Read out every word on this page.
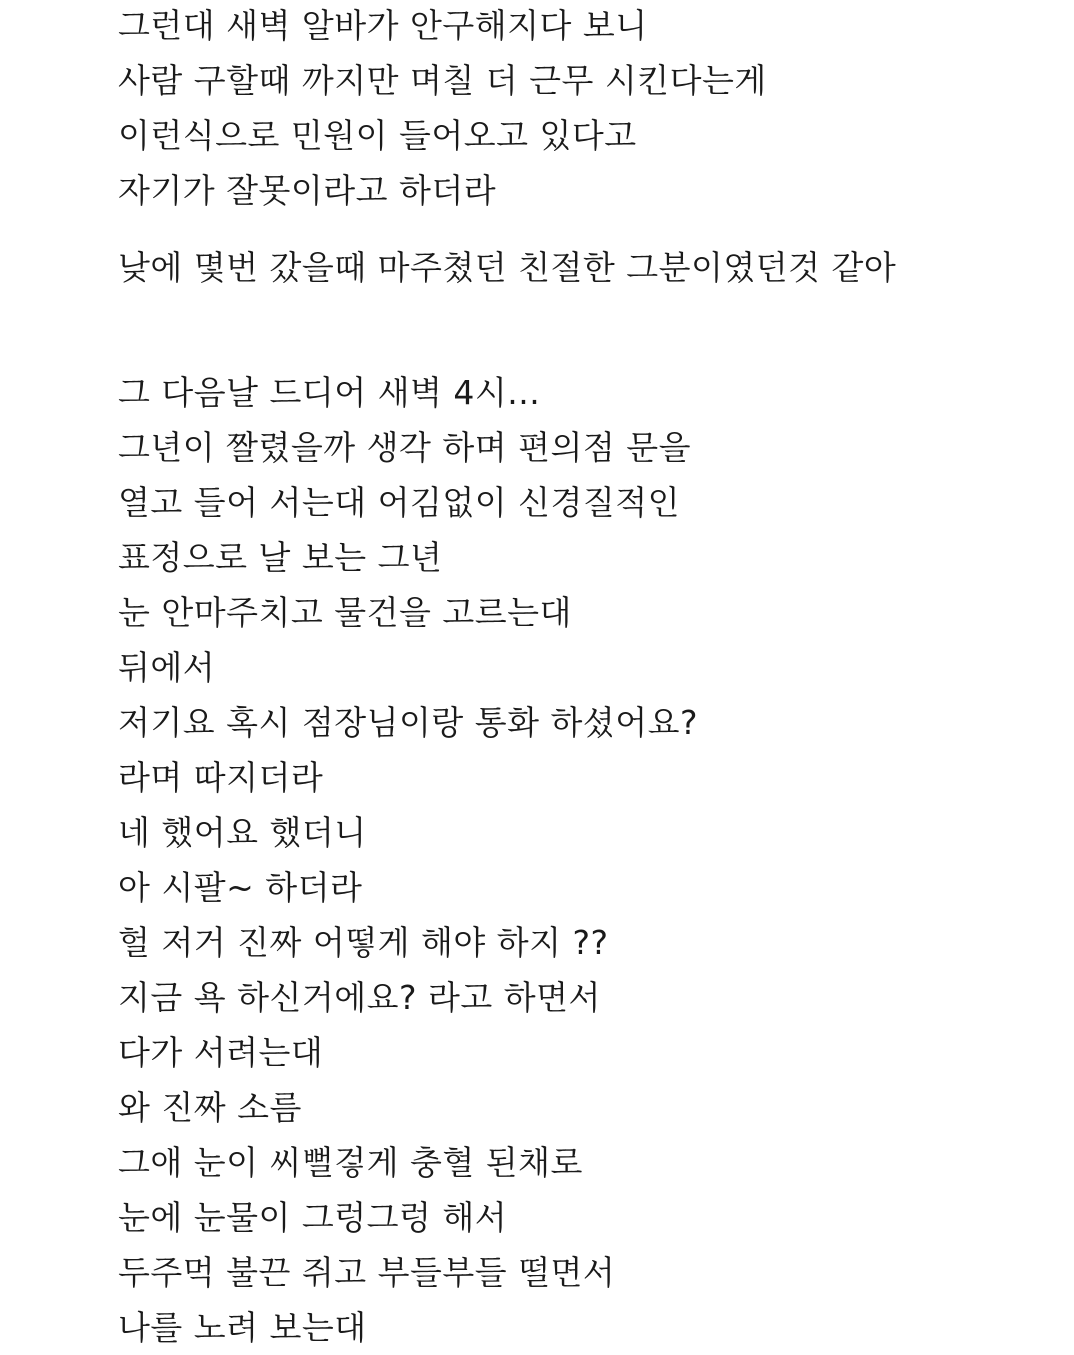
그런대 새벽 알바가 안구해지다 보니
사람 구할때 까지만 며칠 더 근무 시킨다는게
이런식으로 민원이 들어오고 있다고
자기가 잘못이라고 하더라
낮에 몇번 갔을때 마주쳤던 친절한 그분이였던것 같아
그 다음날 드디어 새벽 4시...
그년이 짤렸을까 생각 하며 편의점 문을
열고 들어 서는대 어김없이 신경질적인
표정으로 날 보는 그년
눈 안마주치고 물건을 고르는대
뒤에서
저기요 혹시 점장님이랑 통화 하셨어요?
라며 따지더라
네 했어요 했더니
아 시팔~ 하더라
헐 저거 진짜 어떻게 해야 하지 ??
지금 욕 하신거에요? 라고 하면서
다가 서려는대
와 진짜 소름
그애 눈이 씨뻘겋게 충혈 된채로
눈에 눈물이 그렁그렁 해서
두주먹 불끈 쥐고 부들부들 떨면서
나를 노려 보는대
